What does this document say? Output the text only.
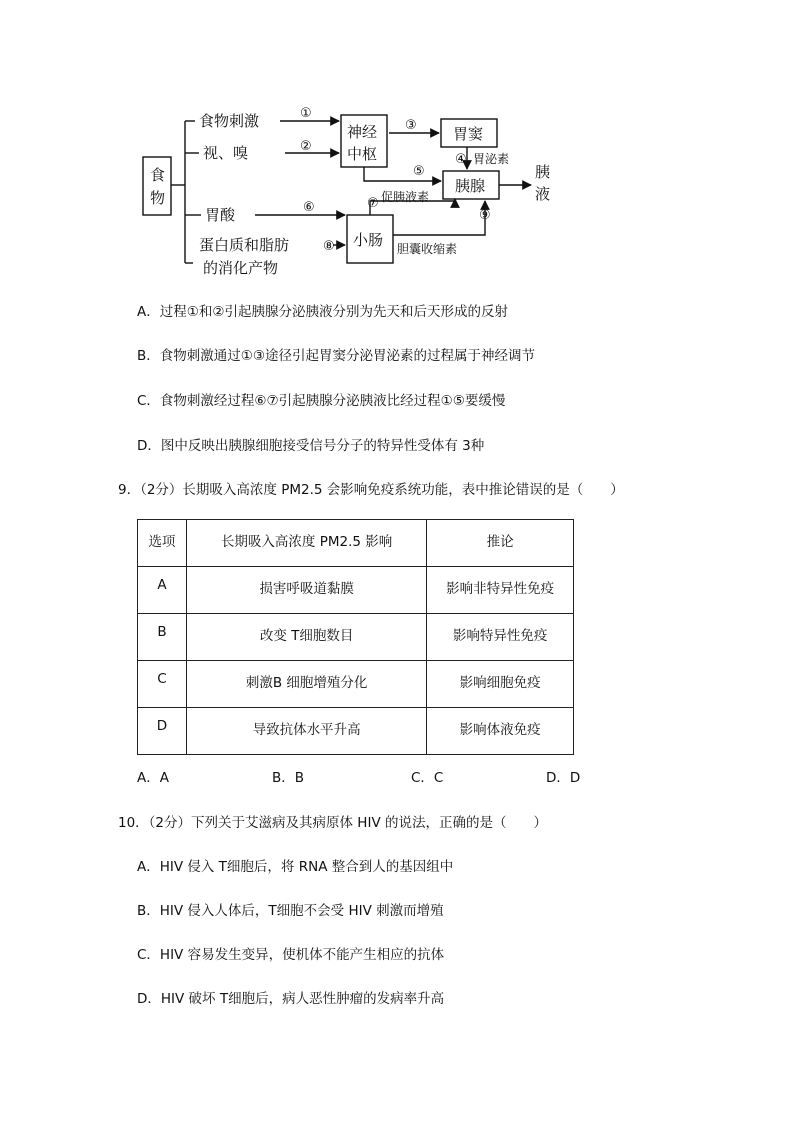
食
物
食物刺激
视、嗅
胃酸
蛋白质和脂肪
的消化产物
神经
中枢
胃窦
胰腺
小肠
胰
液
胃泌素
促胰液素
胆囊收缩素
①
②
③
④
⑤
⑥	⑦
⑧
⑨
A．过程①和②引起胰腺分泌胰液分别为先天和后天形成的反射
B．食物刺激通过①③途径引起胃窦分泌胃泌素的过程属于神经调节
C．食物刺激经过程⑥⑦引起胰腺分泌胰液比经过程①⑤要缓慢
D．图中反映出胰腺细胞接受信号分子的特异性受体有 3种
9．（2分）长期吸入高浓度 PM2.5 会影响免疫系统功能，表中推论错误的是（　　）
选项	长期吸入高浓度 PM2.5 影响	推论
A	损害呼吸道黏膜	影响非特异性免疫
B	改变 T细胞数目	影响特异性免疫
C	刺激B 细胞增殖分化	影响细胞免疫
D	导致抗体水平升高	影响体液免疫
A．A	B．B	C．C	D．D
10．（2分）下列关于艾滋病及其病原体 HIV 的说法，正确的是（　　）
A．HIV 侵入 T细胞后，将 RNA 整合到人的基因组中
B．HIV 侵入人体后，T细胞不会受 HIV 刺激而增殖
C．HIV 容易发生变异，使机体不能产生相应的抗体
D．HIV 破坏 T细胞后，病人恶性肿瘤的发病率升高
